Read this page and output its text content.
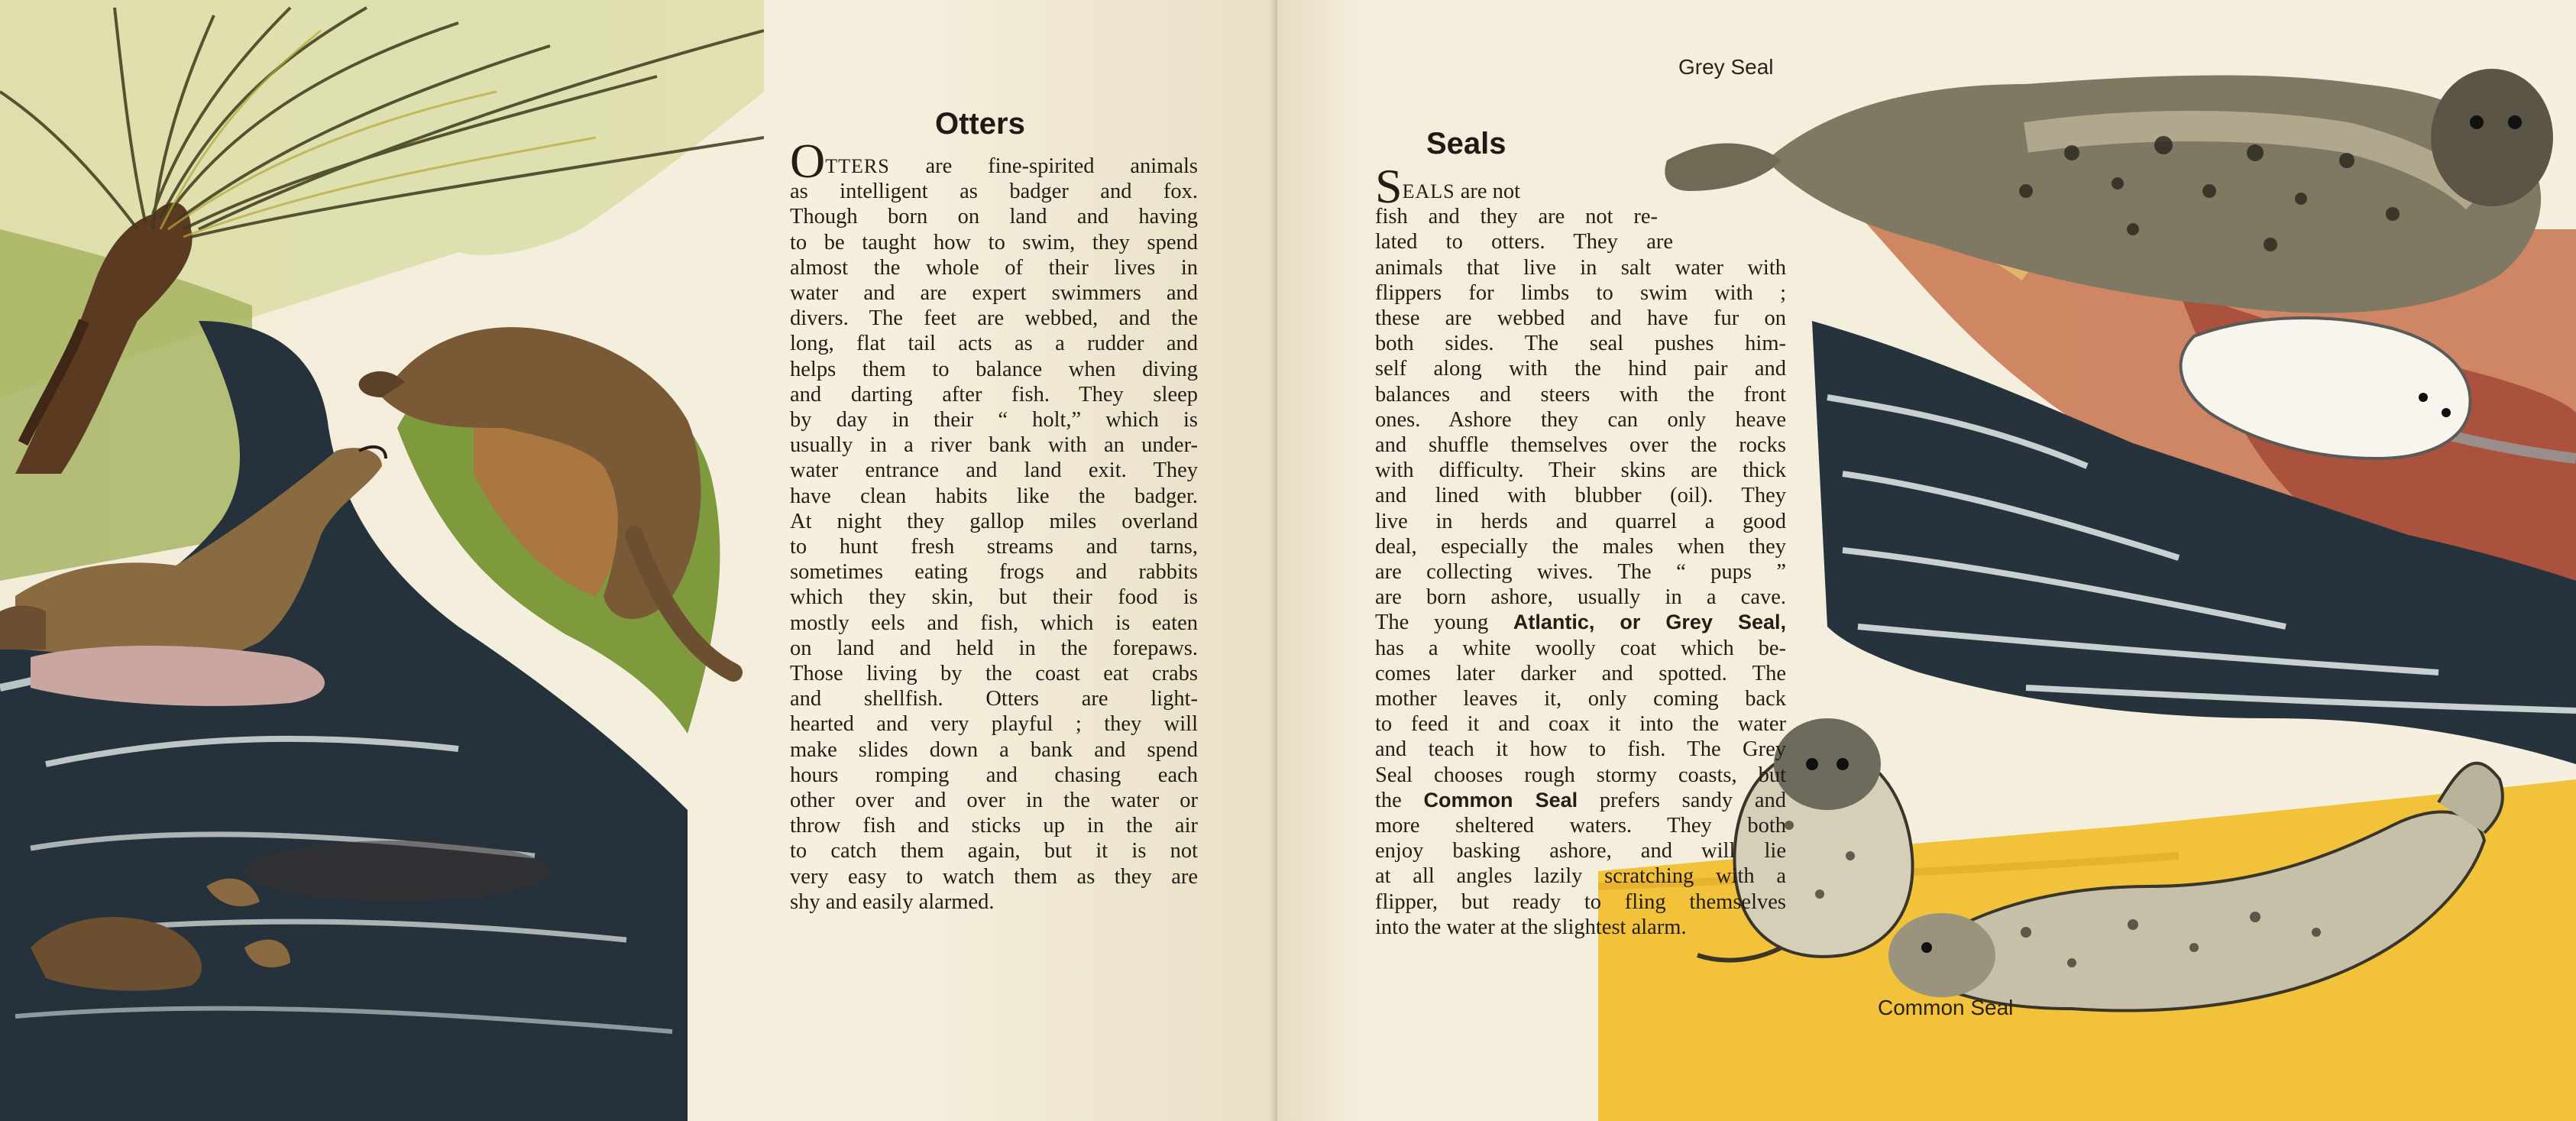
Otters
OTTERS are fine-spirited animals
as intelligent as badger and fox.
Though born on land and having
to be taught how to swim, they spend
almost the whole of their lives in
water and are expert swimmers and
divers. The feet are webbed, and the
long, flat tail acts as a rudder and
helps them to balance when diving
and darting after fish. They sleep
by day in their “ holt,” which is
usually in a river bank with an under-
water entrance and land exit. They
have clean habits like the badger.
At night they gallop miles overland
to hunt fresh streams and tarns,
sometimes eating frogs and rabbits
which they skin, but their food is
mostly eels and fish, which is eaten
on land and held in the forepaws.
Those living by the coast eat crabs
and shellfish. Otters are light-
hearted and very playful ; they will
make slides down a bank and spend
hours romping and chasing each
other over and over in the water or
throw fish and sticks up in the air
to catch them again, but it is not
very easy to watch them as they are
shy and easily alarmed.

Grey Seal

Seals
SEALS are not
fish and they are not re-
lated to otters. They are
animals that live in salt water with
flippers for limbs to swim with ;
these are webbed and have fur on
both sides. The seal pushes him-
self along with the hind pair and
balances and steers with the front
ones. Ashore they can only heave
and shuffle themselves over the rocks
with difficulty. Their skins are thick
and lined with blubber (oil). They
live in herds and quarrel a good
deal, especially the males when they
are collecting wives. The “ pups ”
are born ashore, usually in a cave.
The young Atlantic, or Grey Seal,
has a white woolly coat which be-
comes later darker and spotted. The
mother leaves it, only coming back
to feed it and coax it into the water
and teach it how to fish. The Grey
Seal chooses rough stormy coasts, but
the Common Seal prefers sandy and
more sheltered waters. They both
enjoy basking ashore, and will lie
at all angles lazily scratching with a
flipper, but ready to fling themselves
into the water at the slightest alarm.

Common Seal
